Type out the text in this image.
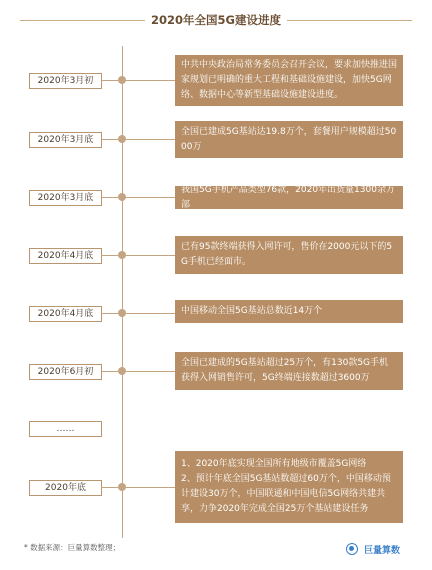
2020年全国5G建设进度
2020年3月初
中共中央政治局常务委员会召开会议，要求加快推进国家规划已明确的重大工程和基础设施建设，加快5G网络、数据中心等新型基础设施建设进度。
2020年3月底
全国已建成5G基站达19.8万个，套餐用户规模超过5000万
2020年3月底
我国5G手机产品类型76款，2020年出货量1300余万部
2020年4月底
已有95款终端获得入网许可，售价在2000元以下的5G手机已经面市。
2020年4月底	中国移动全国5G基站总数近14万个
2020年6月初
全国已建成的5G基站超过25万个，有130款5G手机获得入网销售许可，5G终端连接数超过3600万
……
2020年底
1、2020年底实现全国所有地级市覆盖5G网络
2、预计年底全国5G基站数超过60万个，中国移动预计建设30万个，中国联通和中国电信5G网络共建共享，力争2020年完成全国25万个基站建设任务
* 数据来源：巨量算数整理；	巨量算数
